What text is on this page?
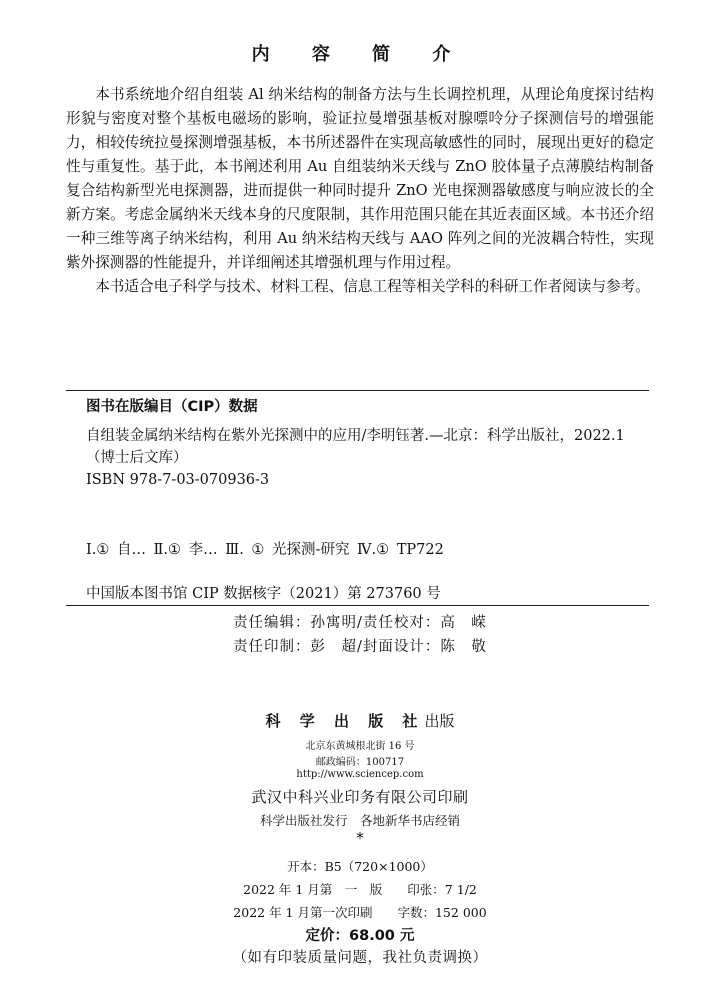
内 容 简 介

本书系统地介绍自组装 Al 纳米结构的制备方法与生长调控机理，从理论角度探讨结构形貌与密度对整个基板电磁场的影响，验证拉曼增强基板对腺嘌呤分子探测信号的增强能力，相较传统拉曼探测增强基板，本书所述器件在实现高敏感性的同时，展现出更好的稳定性与重复性。基于此，本书阐述利用 Au 自组装纳米天线与 ZnO 胶体量子点薄膜结构制备复合结构新型光电探测器，进而提供一种同时提升 ZnO 光电探测器敏感度与响应波长的全新方案。考虑金属纳米天线本身的尺度限制，其作用范围只能在其近表面区域。本书还介绍一种三维等离子纳米结构，利用 Au 纳米结构天线与 AAO 阵列之间的光波耦合特性，实现紫外探测器的性能提升，并详细阐述其增强机理与作用过程。

本书适合电子科学与技术、材料工程、信息工程等相关学科的科研工作者阅读与参考。

图书在版编目（CIP）数据

自组装金属纳米结构在紫外光探测中的应用/李明钰著.—北京：科学出版社，2022.1

（博士后文库）

ISBN 978-7-03-070936-3

Ⅰ.① 自… Ⅱ.① 李… Ⅲ. ① 光探测-研究 Ⅳ.① TP722
中国版本图书馆 CIP 数据核字（2021）第 273760 号
责任编辑：孙寓明/责任校对：高　嵘
责任印制：彭　超/封面设计：陈　敬
科 学 出 版 社出版
北京东黄城根北街 16 号
邮政编码：100717
http://www.sciencep.com
武汉中科兴业印务有限公司印刷
科学出版社发行　各地新华书店经销
*
开本：B5（720×1000）
2022 年 1 月第　一　版　　印张：7 1/2
2022 年 1 月第一次印刷　　字数：152 000
定价：68.00 元
（如有印装质量问题，我社负责调换）
